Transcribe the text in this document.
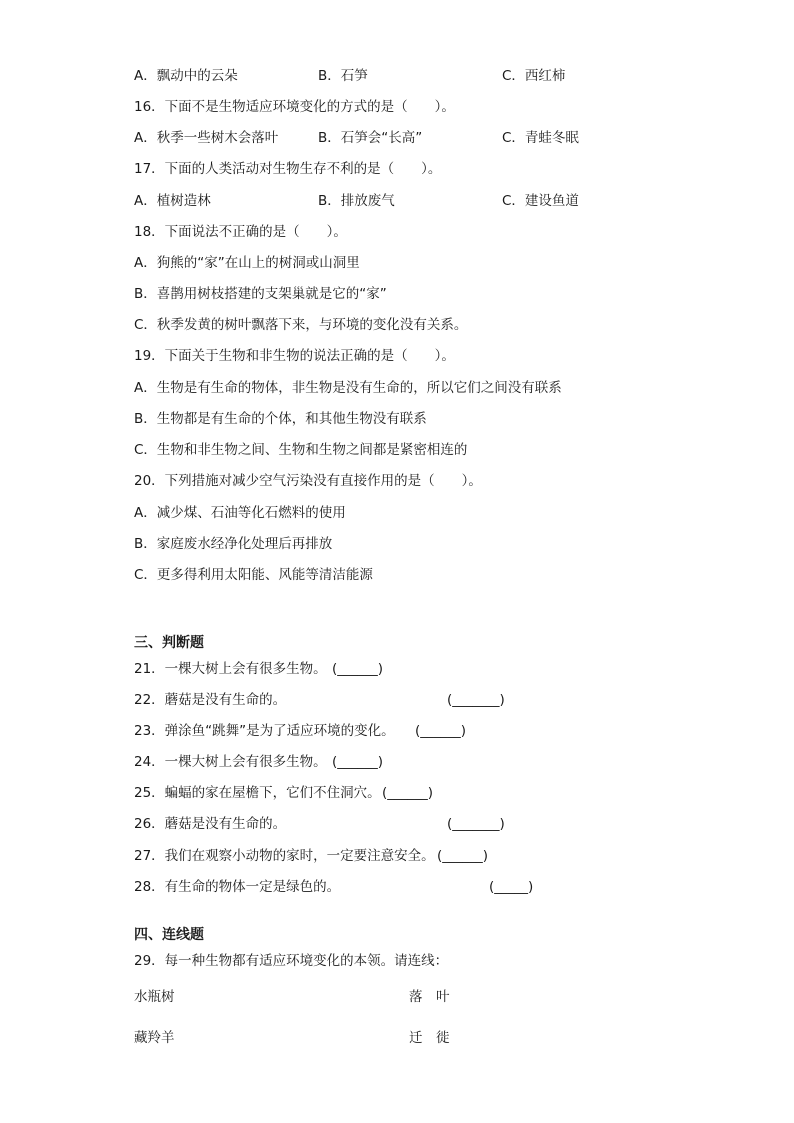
A．飘动中的云朵	B．石笋	C．西红柿
16．下面不是生物适应环境变化的方式的是（　　）。
A．秋季一些树木会落叶	B．石笋会“长高”	C．青蛙冬眠
17．下面的人类活动对生物生存不利的是（　　）。
A．植树造林	B．排放废气	C．建设鱼道
18．下面说法不正确的是（　　）。
A．狗熊的“家”在山上的树洞或山洞里
B．喜鹊用树枝搭建的支架巢就是它的“家”
C．秋季发黄的树叶飘落下来，与环境的变化没有关系。
19．下面关于生物和非生物的说法正确的是（　　）。
A．生物是有生命的物体，非生物是没有生命的，所以它们之间没有联系
B．生物都是有生命的个体，和其他生物没有联系
C．生物和非生物之间、生物和生物之间都是紧密相连的
20．下列措施对减少空气污染没有直接作用的是（　　）。
A．减少煤、石油等化石燃料的使用
B．家庭废水经净化处理后再排放
C．更多得利用太阳能、风能等清洁能源
三、判断题
21．一棵大树上会有很多生物。 (______)
22．蘑菇是没有生命的。	(_______)
23．弹涂鱼“跳舞”是为了适应环境的变化。 (______)
24．一棵大树上会有很多生物。 (______)
25．蝙蝠的家在屋檐下，它们不住洞穴。 (______)
26．蘑菇是没有生命的。	(_______)
27．我们在观察小动物的家时，一定要注意安全。 (______)
28．有生命的物体一定是绿色的。	(_____)
四、连线题
29．每一种生物都有适应环境变化的本领。请连线：
水瓶树	落　叶
藏羚羊	迁　徙
